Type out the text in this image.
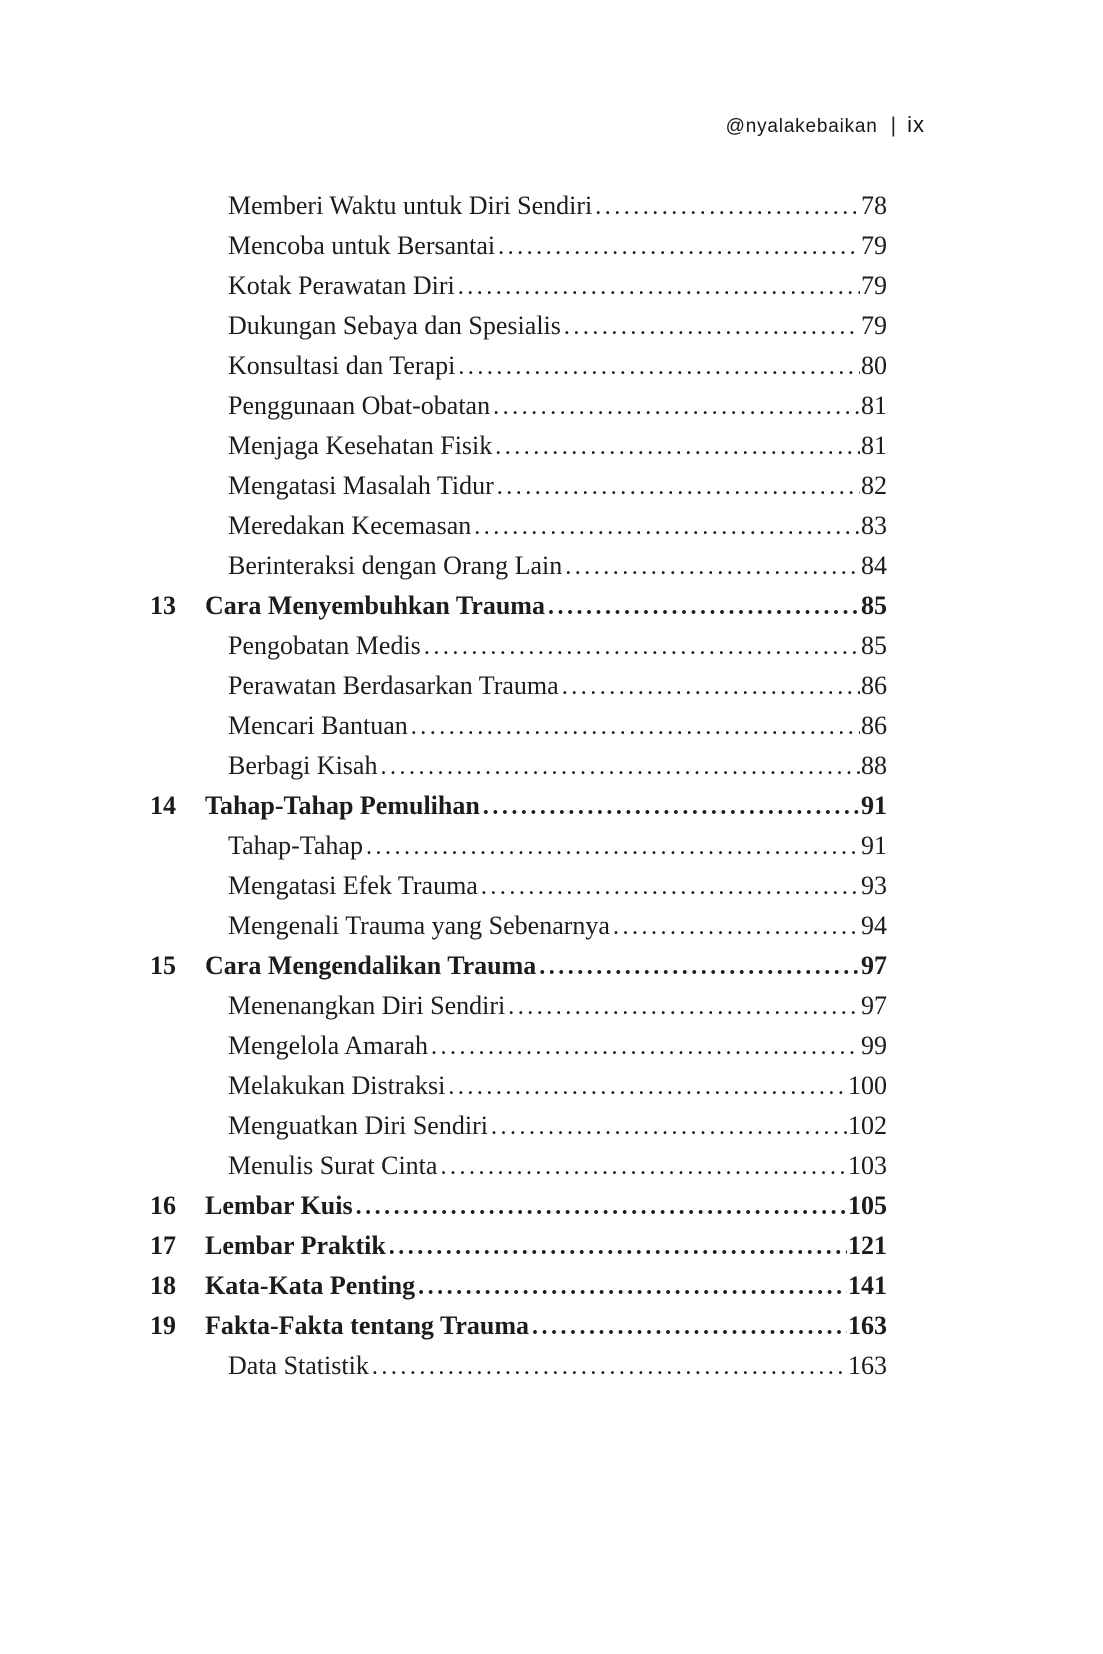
@nyalakebaikan | ix
Memberi Waktu untuk Diri Sendiri .....	78
Mencoba untuk Bersantai .....	79
Kotak Perawatan Diri .....	79
Dukungan Sebaya dan Spesialis .....	79
Konsultasi dan Terapi .....	80
Penggunaan Obat-obatan .....	81
Menjaga Kesehatan Fisik .....	81
Mengatasi Masalah Tidur .....	82
Meredakan Kecemasan .....	83
Berinteraksi dengan Orang Lain .....	84
13	Cara Menyembuhkan Trauma .....	85
Pengobatan Medis .....	85
Perawatan Berdasarkan Trauma .....	86
Mencari Bantuan .....	86
Berbagi Kisah .....	88
14	Tahap-Tahap Pemulihan .....	91
Tahap-Tahap .....	91
Mengatasi Efek Trauma .....	93
Mengenali Trauma yang Sebenarnya .....	94
15	Cara Mengendalikan Trauma .....	97
Menenangkan Diri Sendiri .....	97
Mengelola Amarah .....	99
Melakukan Distraksi .....	100
Menguatkan Diri Sendiri .....	102
Menulis Surat Cinta .....	103
16	Lembar Kuis .....	105
17	Lembar Praktik .....	121
18	Kata-Kata Penting .....	141
19	Fakta-Fakta tentang Trauma .....	163
Data Statistik .....	163
